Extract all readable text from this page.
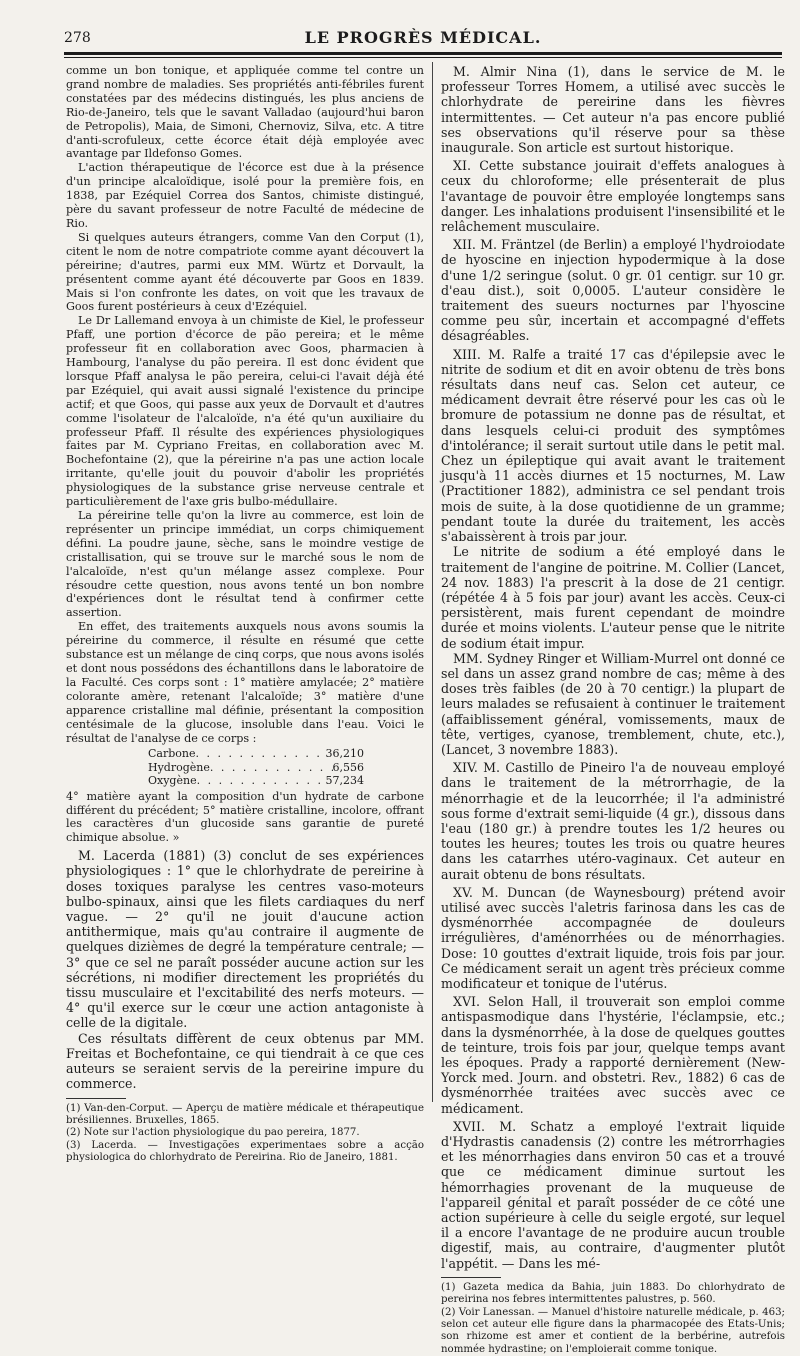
278	LE PROGRÈS MÉDICAL.

comme un bon tonique, et appliquée comme tel contre un grand nombre de maladies. Ses propriétés anti-fébriles furent constatées par des médecins distingués, les plus anciens de Rio-de-Janeiro, tels que le savant Valladao (aujourd'hui baron de Petropolis), Maia, de Simoni, Chernoviz, Silva, etc. A titre d'anti-scrofuleux, cette écorce était déjà employée avec avantage par Ildefonso Gomes.

L'action thérapeutique de l'écorce est due à la présence d'un principe alcaloïdique, isolé pour la première fois, en 1838, par Ezéquiel Correa dos Santos, chimiste distingué, père du savant professeur de notre Faculté de médecine de Rio.

Si quelques auteurs étrangers, comme Van den Corput (1), citent le nom de notre compatriote comme ayant découvert la péreirine; d'autres, parmi eux MM. Würtz et Dorvault, la présentent comme ayant été découverte par Goos en 1839. Mais si l'on confronte les dates, on voit que les travaux de Goos furent postérieurs à ceux d'Ezéquiel.

Le Dr Lallemand envoya à un chimiste de Kiel, le professeur Pfaff, une portion d'écorce de pão pereira; et le même professeur fit en collaboration avec Goos, pharmacien à Hambourg, l'analyse du pão pereira. Il est donc évident que lorsque Pfaff analysa le pão pereira, celui-ci l'avait déjà été par Ezéquiel, qui avait aussi signalé l'existence du principe actif; et que Goos, qui passe aux yeux de Dorvault et d'autres comme l'isolateur de l'alcaloïde, n'a été qu'un auxiliaire du professeur Pfaff. Il résulte des expériences physiologiques faites par M. Cypriano Freitas, en collaboration avec M. Bochefontaine (2), que la péreirine n'a pas une action locale irritante, qu'elle jouit du pouvoir d'abolir les propriétés physiologiques de la substance grise nerveuse centrale et particulièrement de l'axe gris bulbo-médullaire.

La péreirine telle qu'on la livre au commerce, est loin de représenter un principe immédiat, un corps chimiquement défini. La poudre jaune, sèche, sans le moindre vestige de cristallisation, qui se trouve sur le marché sous le nom de l'alcaloïde, n'est qu'un mélange assez complexe. Pour résoudre cette question, nous avons tenté un bon nombre d'expériences dont le résultat tend à confirmer cette assertion.

En effet, des traitements auxquels nous avons soumis la péreirine du commerce, il résulte en résumé que cette substance est un mélange de cinq corps, que nous avons isolés et dont nous possédons des échantillons dans le laboratoire de la Faculté. Ces corps sont : 1° matière amylacée; 2° matière colorante amère, retenant l'alcaloïde; 3° matière d'une apparence cristalline mal définie, présentant la composition centésimale de la glucose, insoluble dans l'eau. Voici le résultat de l'analyse de ce corps :

Carbone . . .	36,210
Hydrogène . . .	6,556
Oxygène . . .	57,234

4° matière ayant la composition d'un hydrate de carbone différent du précédent; 5° matière cristalline, incolore, offrant les caractères d'un glucoside sans garantie de pureté chimique absolue. »

M. Lacerda (1881) (3) conclut de ses expériences physiologiques : 1° que le chlorhydrate de pereirine à doses toxiques paralyse les centres vaso-moteurs bulbo-spinaux, ainsi que les filets cardiaques du nerf vague. — 2° qu'il ne jouit d'aucune action antithermique, mais qu'au contraire il augmente de quelques dizièmes de degré la température centrale; — 3° que ce sel ne paraît posséder aucune action sur les sécrétions, ni modifier directement les propriétés du tissu musculaire et l'excitabilité des nerfs moteurs. — 4° qu'il exerce sur le cœur une action antagoniste à celle de la digitale.

Ces résultats diffèrent de ceux obtenus par MM. Freitas et Bochefontaine, ce qui tiendrait à ce que ces auteurs se seraient servis de la pereirine impure du commerce.

(1) Van-den-Corput. — Aperçu de matière médicale et thérapeutique brésiliennes. Bruxelles, 1865.

(2) Note sur l'action physiologique du pao pereira, 1877.

(3) Lacerda. — Investigações experimentaes sobre a acção physiologica do chlorhydrato de Pereirina. Rio de Janeiro, 1881.

M. Almir Nina (1), dans le service de M. le professeur Torres Homem, a utilisé avec succès le chlorhydrate de pereirine dans les fièvres intermittentes. — Cet auteur n'a pas encore publié ses observations qu'il réserve pour sa thèse inaugurale. Son article est surtout historique.

XI. Cette substance jouirait d'effets analogues à ceux du chloroforme; elle présenterait de plus l'avantage de pouvoir être employée longtemps sans danger. Les inhalations produisent l'insensibilité et le relâchement musculaire.

XII. M. Fräntzel (de Berlin) a employé l'hydroiodate de hyoscine en injection hypodermique à la dose d'une 1/2 seringue (solut. 0 gr. 01 centigr. sur 10 gr. d'eau dist.), soit 0,0005. L'auteur considère le traitement des sueurs nocturnes par l'hyoscine comme peu sûr, incertain et accompagné d'effets désagréables.

XIII. M. Ralfe a traité 17 cas d'épilepsie avec le nitrite de sodium et dit en avoir obtenu de très bons résultats dans neuf cas. Selon cet auteur, ce médicament devrait être réservé pour les cas où le bromure de potassium ne donne pas de résultat, et dans lesquels celui-ci produit des symptômes d'intolérance; il serait surtout utile dans le petit mal. Chez un épileptique qui avait avant le traitement jusqu'à 11 accès diurnes et 15 nocturnes, M. Law (Practitioner 1882), administra ce sel pendant trois mois de suite, à la dose quotidienne de un gramme; pendant toute la durée du traitement, les accès s'abaissèrent à trois par jour.

Le nitrite de sodium a été employé dans le traitement de l'angine de poitrine. M. Collier (Lancet, 24 nov. 1883) l'a prescrit à la dose de 21 centigr. (répétée 4 à 5 fois par jour) avant les accès. Ceux-ci persistèrent, mais furent cependant de moindre durée et moins violents. L'auteur pense que le nitrite de sodium était impur.

MM. Sydney Ringer et William-Murrel ont donné ce sel dans un assez grand nombre de cas; même à des doses très faibles (de 20 à 70 centigr.) la plupart de leurs malades se refusaient à continuer le traitement (affaiblissement général, vomissements, maux de tête, vertiges, cyanose, tremblement, chute, etc.), (Lancet, 3 novembre 1883).

XIV. M. Castillo de Pineiro l'a de nouveau employé dans le traitement de la métrorrhagie, de la ménorrhagie et de la leucorrhée; il l'a administré sous forme d'extrait semi-liquide (4 gr.), dissous dans l'eau (180 gr.) à prendre toutes les 1/2 heures ou toutes les heures; toutes les trois ou quatre heures dans les catarrhes utéro-vaginaux. Cet auteur en aurait obtenu de bons résultats.

XV. M. Duncan (de Waynesbourg) prétend avoir utilisé avec succès l'aletris farinosa dans les cas de dysménorrhée accompagnée de douleurs irrégulières, d'aménorrhées ou de ménorrhagies. Dose: 10 gouttes d'extrait liquide, trois fois par jour. Ce médicament serait un agent très précieux comme modificateur et tonique de l'utérus.

XVI. Selon Hall, il trouverait son emploi comme antispasmodique dans l'hystérie, l'éclampsie, etc.; dans la dysménorrhée, à la dose de quelques gouttes de teinture, trois fois par jour, quelque temps avant les époques. Prady a rapporté dernièrement (New-Yorck med. Journ. and obstetri. Rev., 1882) 6 cas de dysménorrhée traitées avec succès avec ce médicament.

XVII. M. Schatz a employé l'extrait liquide d'Hydrastis canadensis (2) contre les métrorrhagies et les ménorrhagies dans environ 50 cas et a trouvé que ce médicament diminue surtout les hémorrhagies provenant de la muqueuse de l'appareil génital et paraît posséder de ce côté une action supérieure à celle du seigle ergoté, sur lequel il a encore l'avantage de ne produire aucun trouble digestif, mais, au contraire, d'augmenter plutôt l'appétit. — Dans les mé-

(1) Gazeta medica da Bahia, juin 1883. Do chlorhydrato de pereirina nos febres intermittentes palustres, p. 560.

(2) Voir Lanessan. — Manuel d'histoire naturelle médicale, p. 463; selon cet auteur elle figure dans la pharmacopée des Etats-Unis; son rhizome est amer et contient de la berbérine, autrefois nommée hydrastine; on l'emploierait comme tonique.
